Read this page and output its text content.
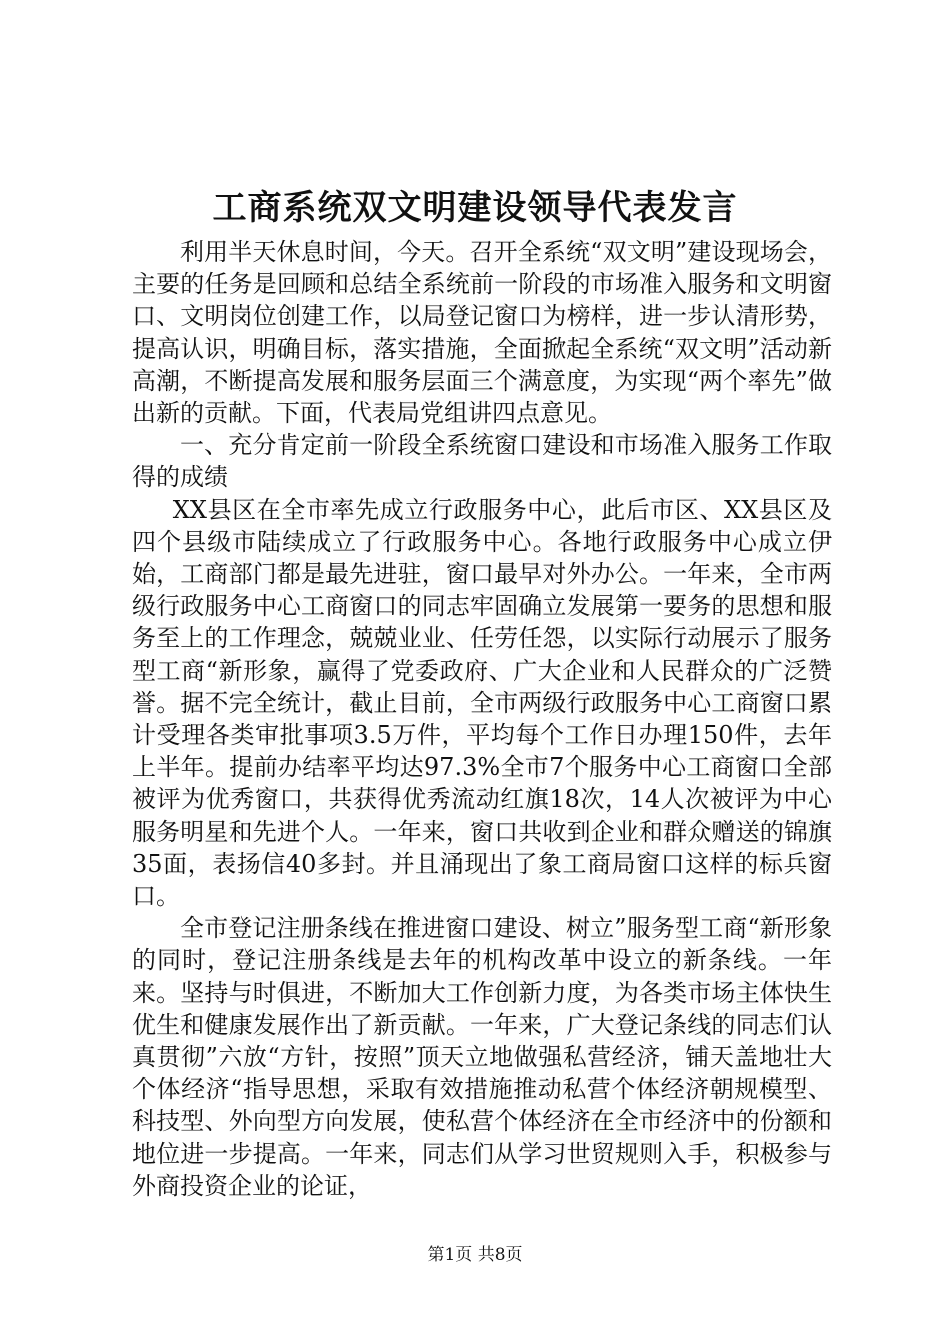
工商系统双文明建设领导代表发言

利用半天休息时间，今天。召开全系统“双文明”建设现场会，主要的任务是回顾和总结全系统前一阶段的市场准入服务和文明窗口、文明岗位创建工作，以局登记窗口为榜样，进一步认清形势，提高认识，明确目标，落实措施，全面掀起全系统“双文明”活动新高潮，不断提高发展和服务层面三个满意度，为实现“两个率先”做出新的贡献。下面，代表局党组讲四点意见。

一、充分肯定前一阶段全系统窗口建设和市场准入服务工作取得的成绩

XX县区在全市率先成立行政服务中心，此后市区、XX县区及四个县级市陆续成立了行政服务中心。各地行政服务中心成立伊始，工商部门都是最先进驻，窗口最早对外办公。一年来，全市两级行政服务中心工商窗口的同志牢固确立发展第一要务的思想和服务至上的工作理念，兢兢业业、任劳任怨，以实际行动展示了服务型工商“新形象，赢得了党委政府、广大企业和人民群众的广泛赞誉。据不完全统计，截止目前，全市两级行政服务中心工商窗口累计受理各类审批事项3.5万件，平均每个工作日办理150件，去年上半年。提前办结率平均达97.3%全市7个服务中心工商窗口全部被评为优秀窗口，共获得优秀流动红旗18次，14人次被评为中心服务明星和先进个人。一年来，窗口共收到企业和群众赠送的锦旗35面，表扬信40多封。并且涌现出了象工商局窗口这样的标兵窗口。

全市登记注册条线在推进窗口建设、树立”服务型工商“新形象的同时，登记注册条线是去年的机构改革中设立的新条线。一年来。坚持与时俱进，不断加大工作创新力度，为各类市场主体快生优生和健康发展作出了新贡献。一年来，广大登记条线的同志们认真贯彻”六放“方针，按照”顶天立地做强私营经济，铺天盖地壮大个体经济“指导思想，采取有效措施推动私营个体经济朝规模型、科技型、外向型方向发展，使私营个体经济在全市经济中的份额和地位进一步提高。一年来，同志们从学习世贸规则入手，积极参与外商投资企业的论证，

第1页 共8页
